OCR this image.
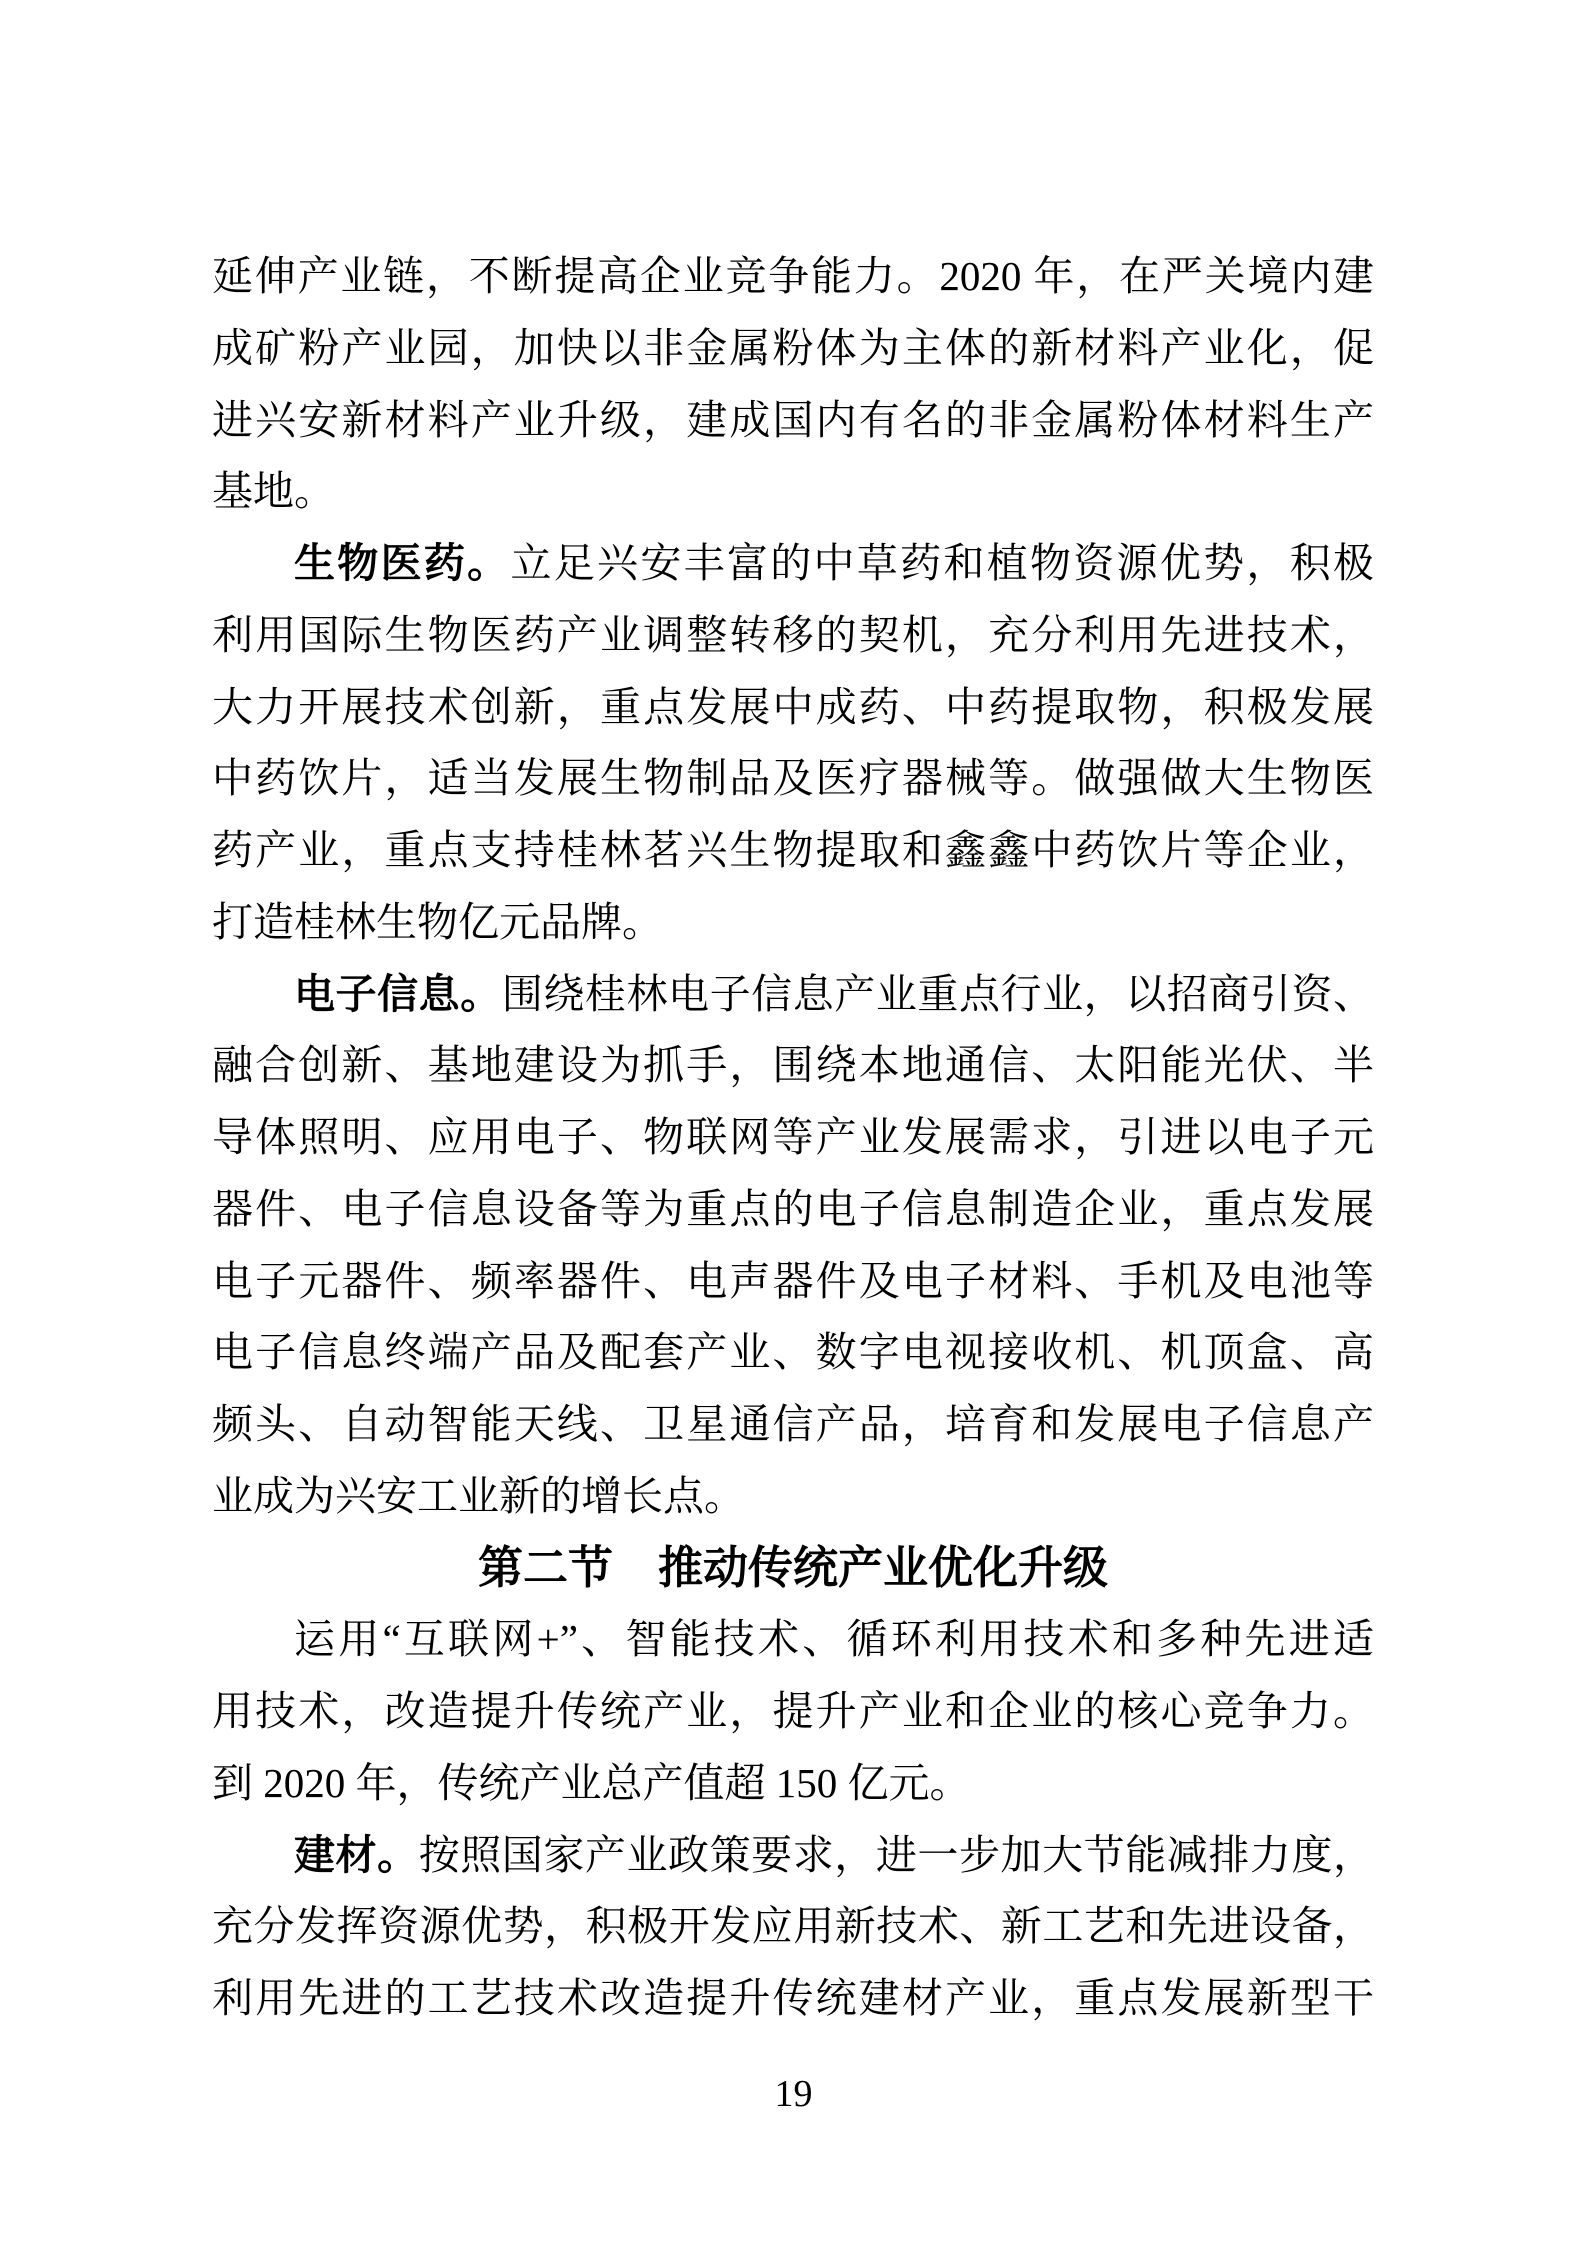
延伸产业链，不断提高企业竞争能力。2020 年，在严关境内建
成矿粉产业园，加快以非金属粉体为主体的新材料产业化，促
进兴安新材料产业升级，建成国内有名的非金属粉体材料生产
基地。
生物医药。立足兴安丰富的中草药和植物资源优势，积极
利用国际生物医药产业调整转移的契机，充分利用先进技术，
大力开展技术创新，重点发展中成药、中药提取物，积极发展
中药饮片，适当发展生物制品及医疗器械等。做强做大生物医
药产业，重点支持桂林茗兴生物提取和鑫鑫中药饮片等企业，
打造桂林生物亿元品牌。
电子信息。围绕桂林电子信息产业重点行业，以招商引资、
融合创新、基地建设为抓手，围绕本地通信、太阳能光伏、半
导体照明、应用电子、物联网等产业发展需求，引进以电子元
器件、电子信息设备等为重点的电子信息制造企业，重点发展
电子元器件、频率器件、电声器件及电子材料、手机及电池等
电子信息终端产品及配套产业、数字电视接收机、机顶盒、高
频头、自动智能天线、卫星通信产品，培育和发展电子信息产
业成为兴安工业新的增长点。
第二节　推动传统产业优化升级
运用“互联网+”、智能技术、循环利用技术和多种先进适
用技术，改造提升传统产业，提升产业和企业的核心竞争力。
到 2020 年，传统产业总产值超 150 亿元。
建材。按照国家产业政策要求，进一步加大节能减排力度，
充分发挥资源优势，积极开发应用新技术、新工艺和先进设备，
利用先进的工艺技术改造提升传统建材产业，重点发展新型干
19
